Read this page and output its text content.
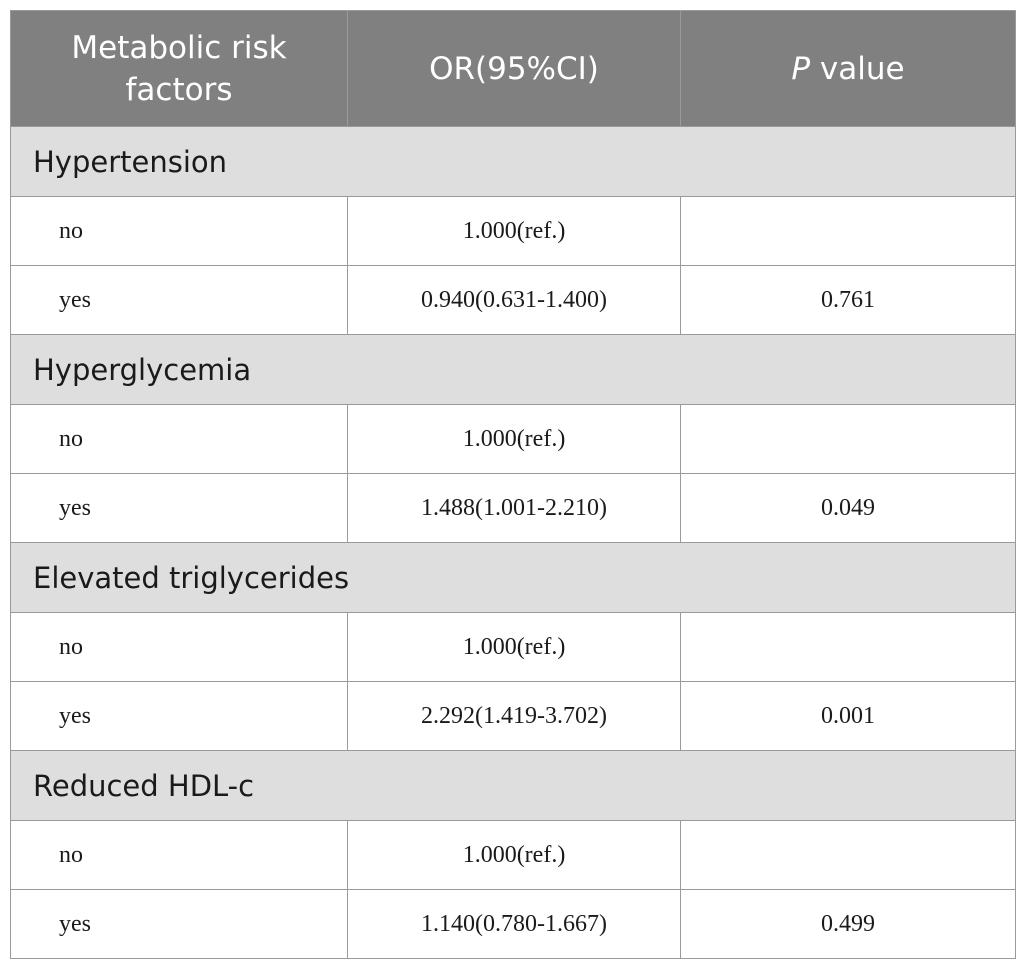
Metabolic risk factors	OR(95%CI)	P value
Hypertension		
no	1.000(ref.)	
yes	0.940(0.631-1.400)	0.761
Hyperglycemia		
no	1.000(ref.)	
yes	1.488(1.001-2.210)	0.049
Elevated triglycerides		
no	1.000(ref.)	
yes	2.292(1.419-3.702)	0.001
Reduced HDL-c		
no	1.000(ref.)	
yes	1.140(0.780-1.667)	0.499
